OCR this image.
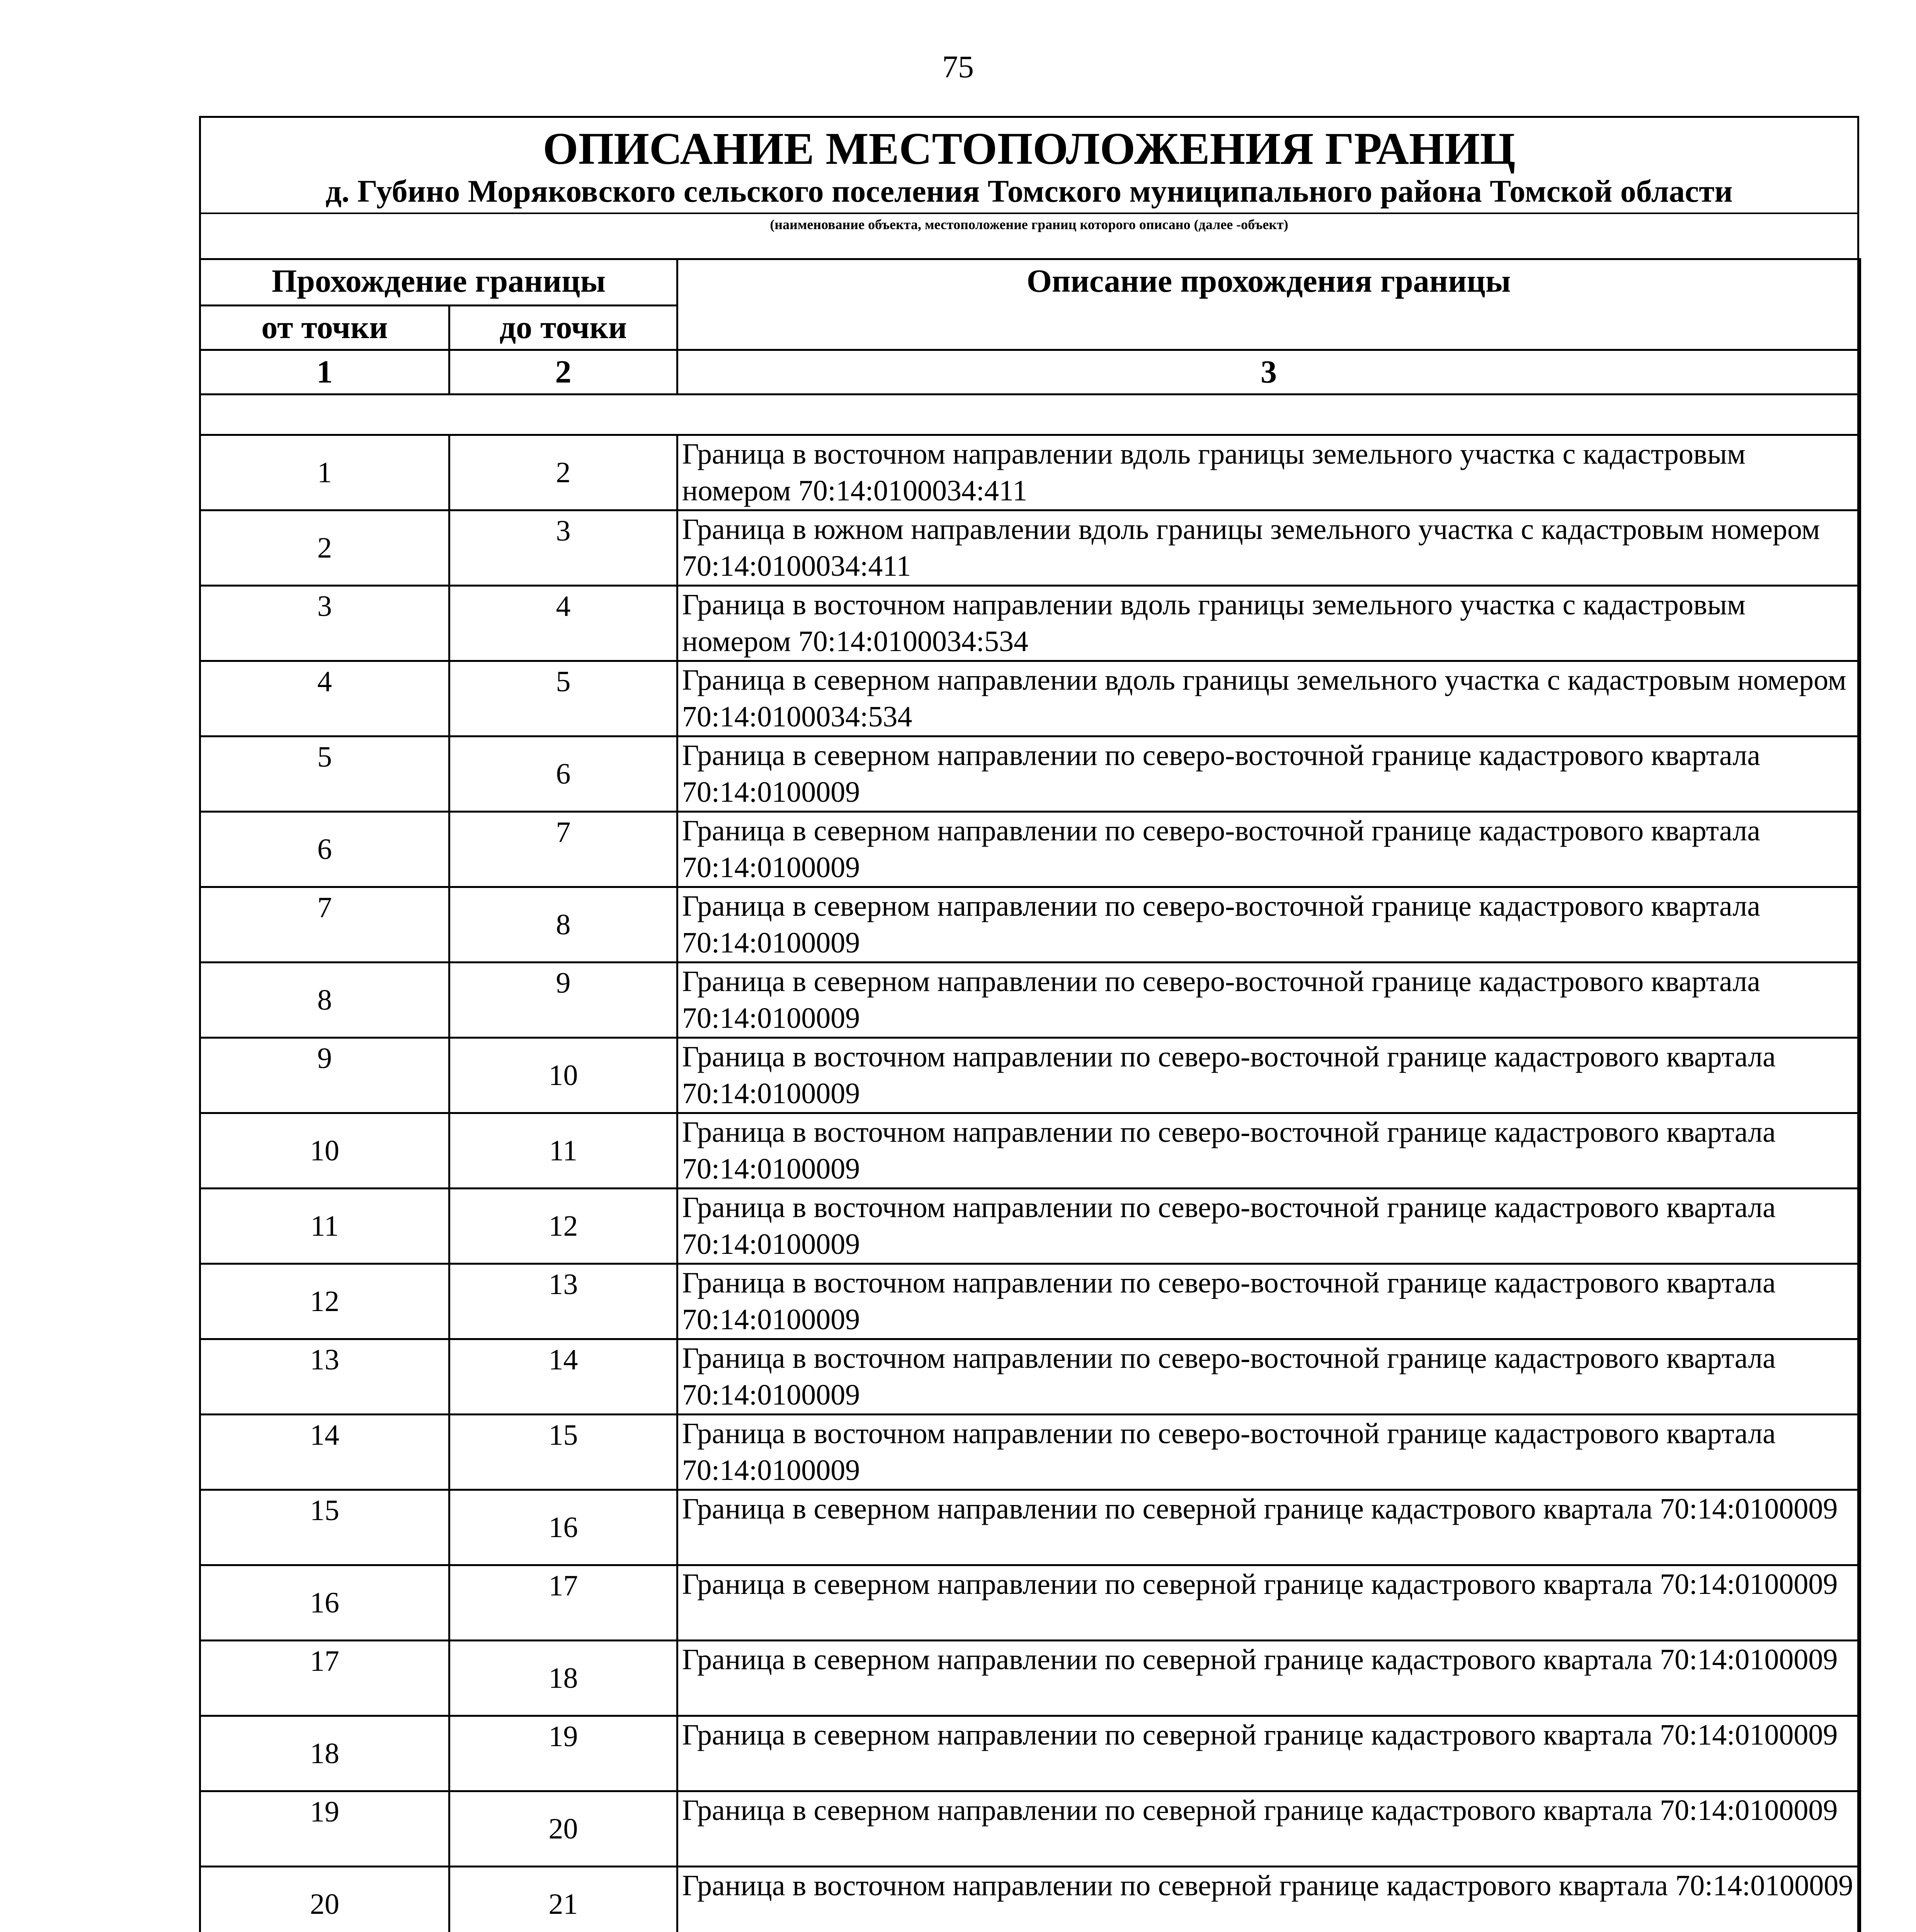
75
ОПИСАНИЕ МЕСТОПОЛОЖЕНИЯ ГРАНИЦ
д. Губино Моряковского сельского поселения Томского муниципального района Томской области
(наименование объекта, местоположение границ которого описано (далее -объект)
Прохождение границы		Описание прохождения границы
от точки	до точки	
1	2	3

1	2	Граница в восточном направлении вдоль границы земельного участка с кадастровым номером 70:14:0100034:411
2	3	Граница в южном направлении вдоль границы земельного участка с кадастровым номером 70:14:0100034:411
3	4	Граница в восточном направлении вдоль границы земельного участка с кадастровым номером 70:14:0100034:534
4	5	Граница в северном направлении вдоль границы земельного участка с кадастровым номером 70:14:0100034:534
5	6	Граница в северном направлении по северо-восточной границе кадастрового квартала 70:14:0100009
6	7	Граница в северном направлении по северо-восточной границе кадастрового квартала 70:14:0100009
7	8	Граница в северном направлении по северо-восточной границе кадастрового квартала 70:14:0100009
8	9	Граница в северном направлении по северо-восточной границе кадастрового квартала 70:14:0100009
9	10	Граница в восточном направлении по северо-восточной границе кадастрового квартала 70:14:0100009
10	11	Граница в восточном направлении по северо-восточной границе кадастрового квартала 70:14:0100009
11	12	Граница в восточном направлении по северо-восточной границе кадастрового квартала 70:14:0100009
12	13	Граница в восточном направлении по северо-восточной границе кадастрового квартала 70:14:0100009
13	14	Граница в восточном направлении по северо-восточной границе кадастрового квартала 70:14:0100009
14	15	Граница в восточном направлении по северо-восточной границе кадастрового квартала 70:14:0100009
15	16	Граница в северном направлении по северной границе кадастрового квартала 70:14:0100009
16	17	Граница в северном направлении по северной границе кадастрового квартала 70:14:0100009
17	18	Граница в северном направлении по северной границе кадастрового квартала 70:14:0100009
18	19	Граница в северном направлении по северной границе кадастрового квартала 70:14:0100009
19	20	Граница в северном направлении по северной границе кадастрового квартала 70:14:0100009
20	21	Граница в восточном направлении по северной границе кадастрового квартала 70:14:0100009
